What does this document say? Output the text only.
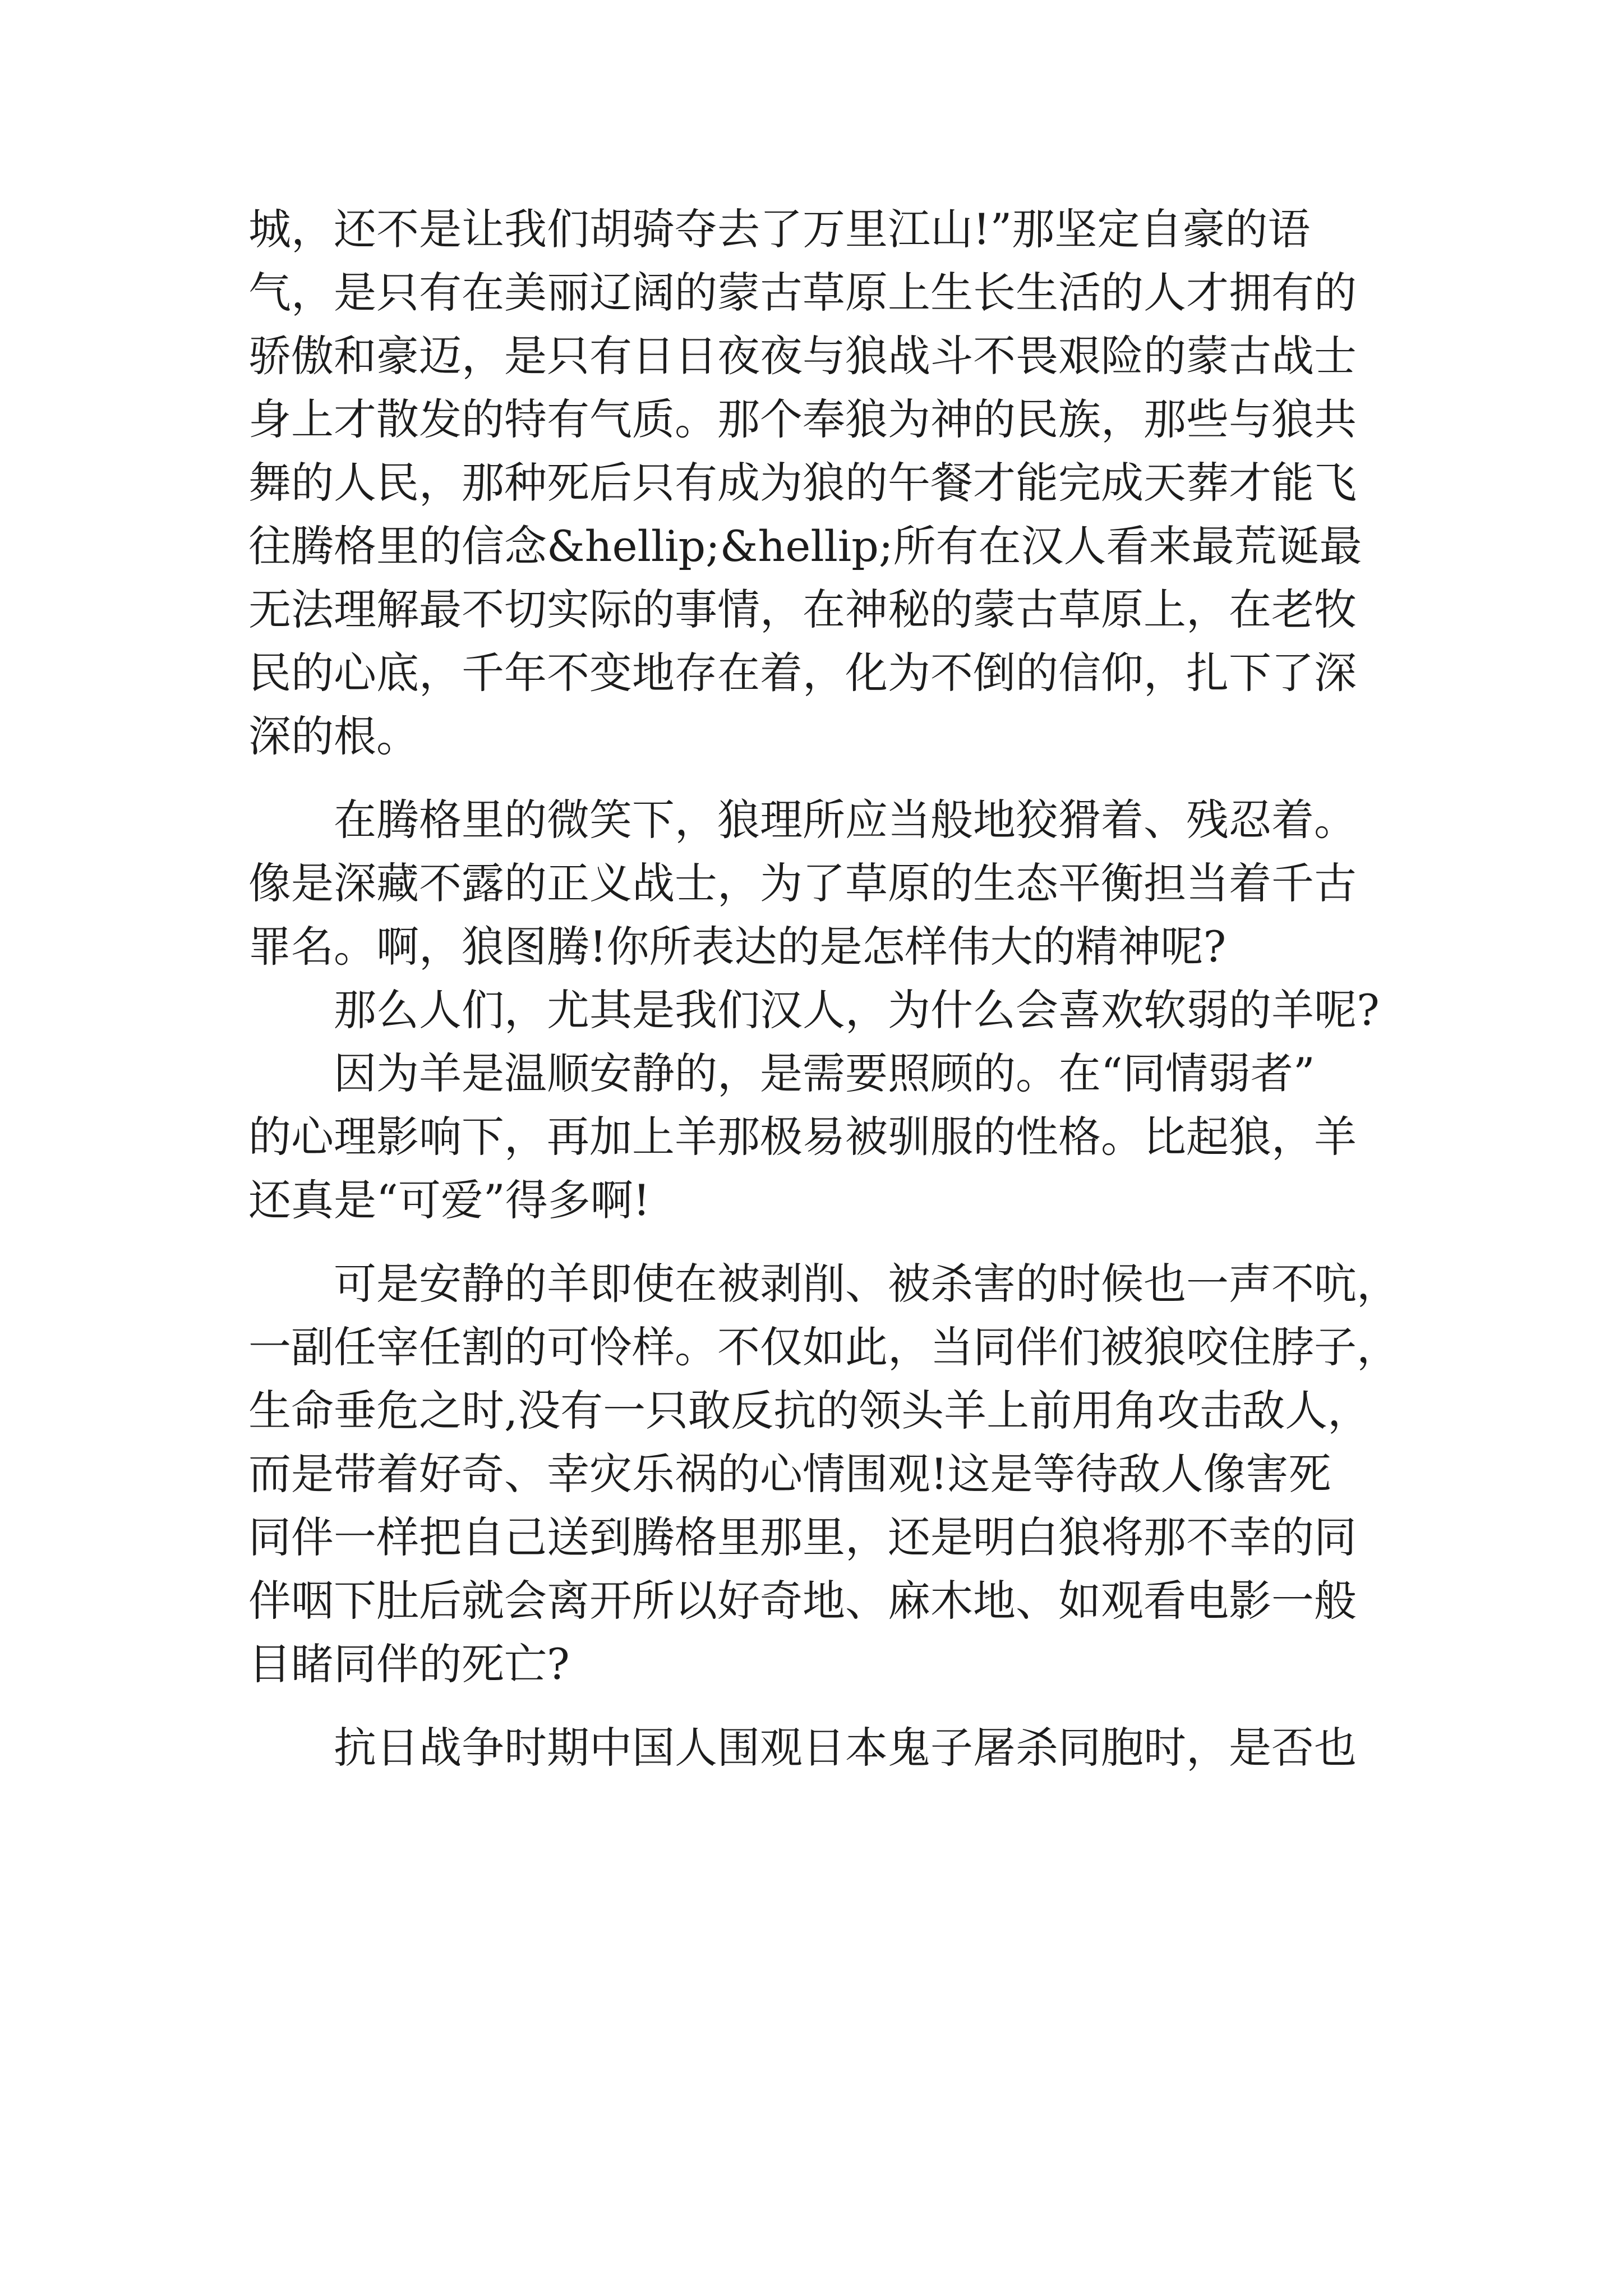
城，还不是让我们胡骑夺去了万里江山!”那坚定自豪的语

气，是只有在美丽辽阔的蒙古草原上生长生活的人才拥有的

骄傲和豪迈，是只有日日夜夜与狼战斗不畏艰险的蒙古战士

身上才散发的特有气质。那个奉狼为神的民族，那些与狼共

舞的人民，那种死后只有成为狼的午餐才能完成天葬才能飞

往腾格里的信念&hellip;&hellip;所有在汉人看来最荒诞最

无法理解最不切实际的事情，在神秘的蒙古草原上，在老牧

民的心底，千年不变地存在着，化为不倒的信仰，扎下了深

深的根。

　　在腾格里的微笑下，狼理所应当般地狡猾着、残忍着。

像是深藏不露的正义战士，为了草原的生态平衡担当着千古

罪名。啊，狼图腾!你所表达的是怎样伟大的精神呢?

　　那么人们，尤其是我们汉人，为什么会喜欢软弱的羊呢?

　　因为羊是温顺安静的，是需要照顾的。在“同情弱者”

的心理影响下，再加上羊那极易被驯服的性格。比起狼，羊

还真是“可爱”得多啊!

　　可是安静的羊即使在被剥削、被杀害的时候也一声不吭，

一副任宰任割的可怜样。不仅如此，当同伴们被狼咬住脖子，

生命垂危之时,没有一只敢反抗的领头羊上前用角攻击敌人，

而是带着好奇、幸灾乐祸的心情围观!这是等待敌人像害死

同伴一样把自己送到腾格里那里，还是明白狼将那不幸的同

伴咽下肚后就会离开所以好奇地、麻木地、如观看电影一般

目睹同伴的死亡?

　　抗日战争时期中国人围观日本鬼子屠杀同胞时，是否也
